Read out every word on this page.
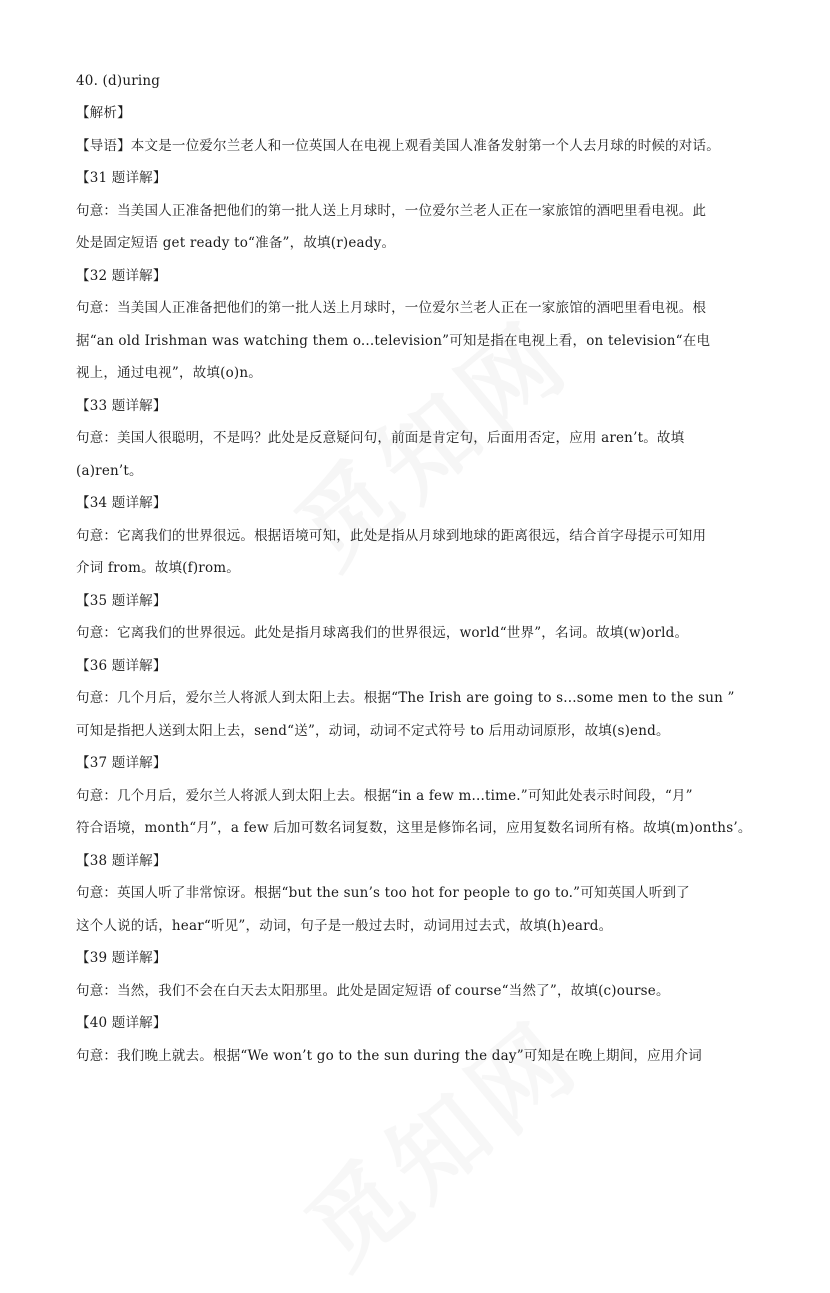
40. (d)uring
【解析】
【导语】本文是一位爱尔兰老人和一位英国人在电视上观看美国人准备发射第一个人去月球的时候的对话。
【31 题详解】
句意：当美国人正准备把他们的第一批人送上月球时，一位爱尔兰老人正在一家旅馆的酒吧里看电视。此
处是固定短语 get ready to“准备”，故填(r)eady。
【32 题详解】
句意：当美国人正准备把他们的第一批人送上月球时，一位爱尔兰老人正在一家旅馆的酒吧里看电视。根
据“an old Irishman was watching them o...television”可知是指在电视上看，on television“在电
视上，通过电视”，故填(o)n。
【33 题详解】
句意：美国人很聪明，不是吗？此处是反意疑问句，前面是肯定句，后面用否定，应用 aren’t。故填
(a)ren’t。
【34 题详解】
句意：它离我们的世界很远。根据语境可知，此处是指从月球到地球的距离很远，结合首字母提示可知用
介词 from。故填(f)rom。
【35 题详解】
句意：它离我们的世界很远。此处是指月球离我们的世界很远，world“世界”，名词。故填(w)orld。
【36 题详解】
句意：几个月后，爱尔兰人将派人到太阳上去。根据“The Irish are going to s...some men to the sun ”
可知是指把人送到太阳上去，send“送”，动词，动词不定式符号 to 后用动词原形，故填(s)end。
【37 题详解】
句意：几个月后，爱尔兰人将派人到太阳上去。根据“in a few m...time.”可知此处表示时间段，“月”
符合语境，month“月”，a few 后加可数名词复数，这里是修饰名词，应用复数名词所有格。故填(m)onths’。
【38 题详解】
句意：英国人听了非常惊讶。根据“but the sun’s too hot for people to go to.”可知英国人听到了
这个人说的话，hear“听见”，动词，句子是一般过去时，动词用过去式，故填(h)eard。
【39 题详解】
句意：当然，我们不会在白天去太阳那里。此处是固定短语 of course“当然了”，故填(c)ourse。
【40 题详解】
句意：我们晚上就去。根据“We won’t go to the sun during the day”可知是在晚上期间，应用介词
